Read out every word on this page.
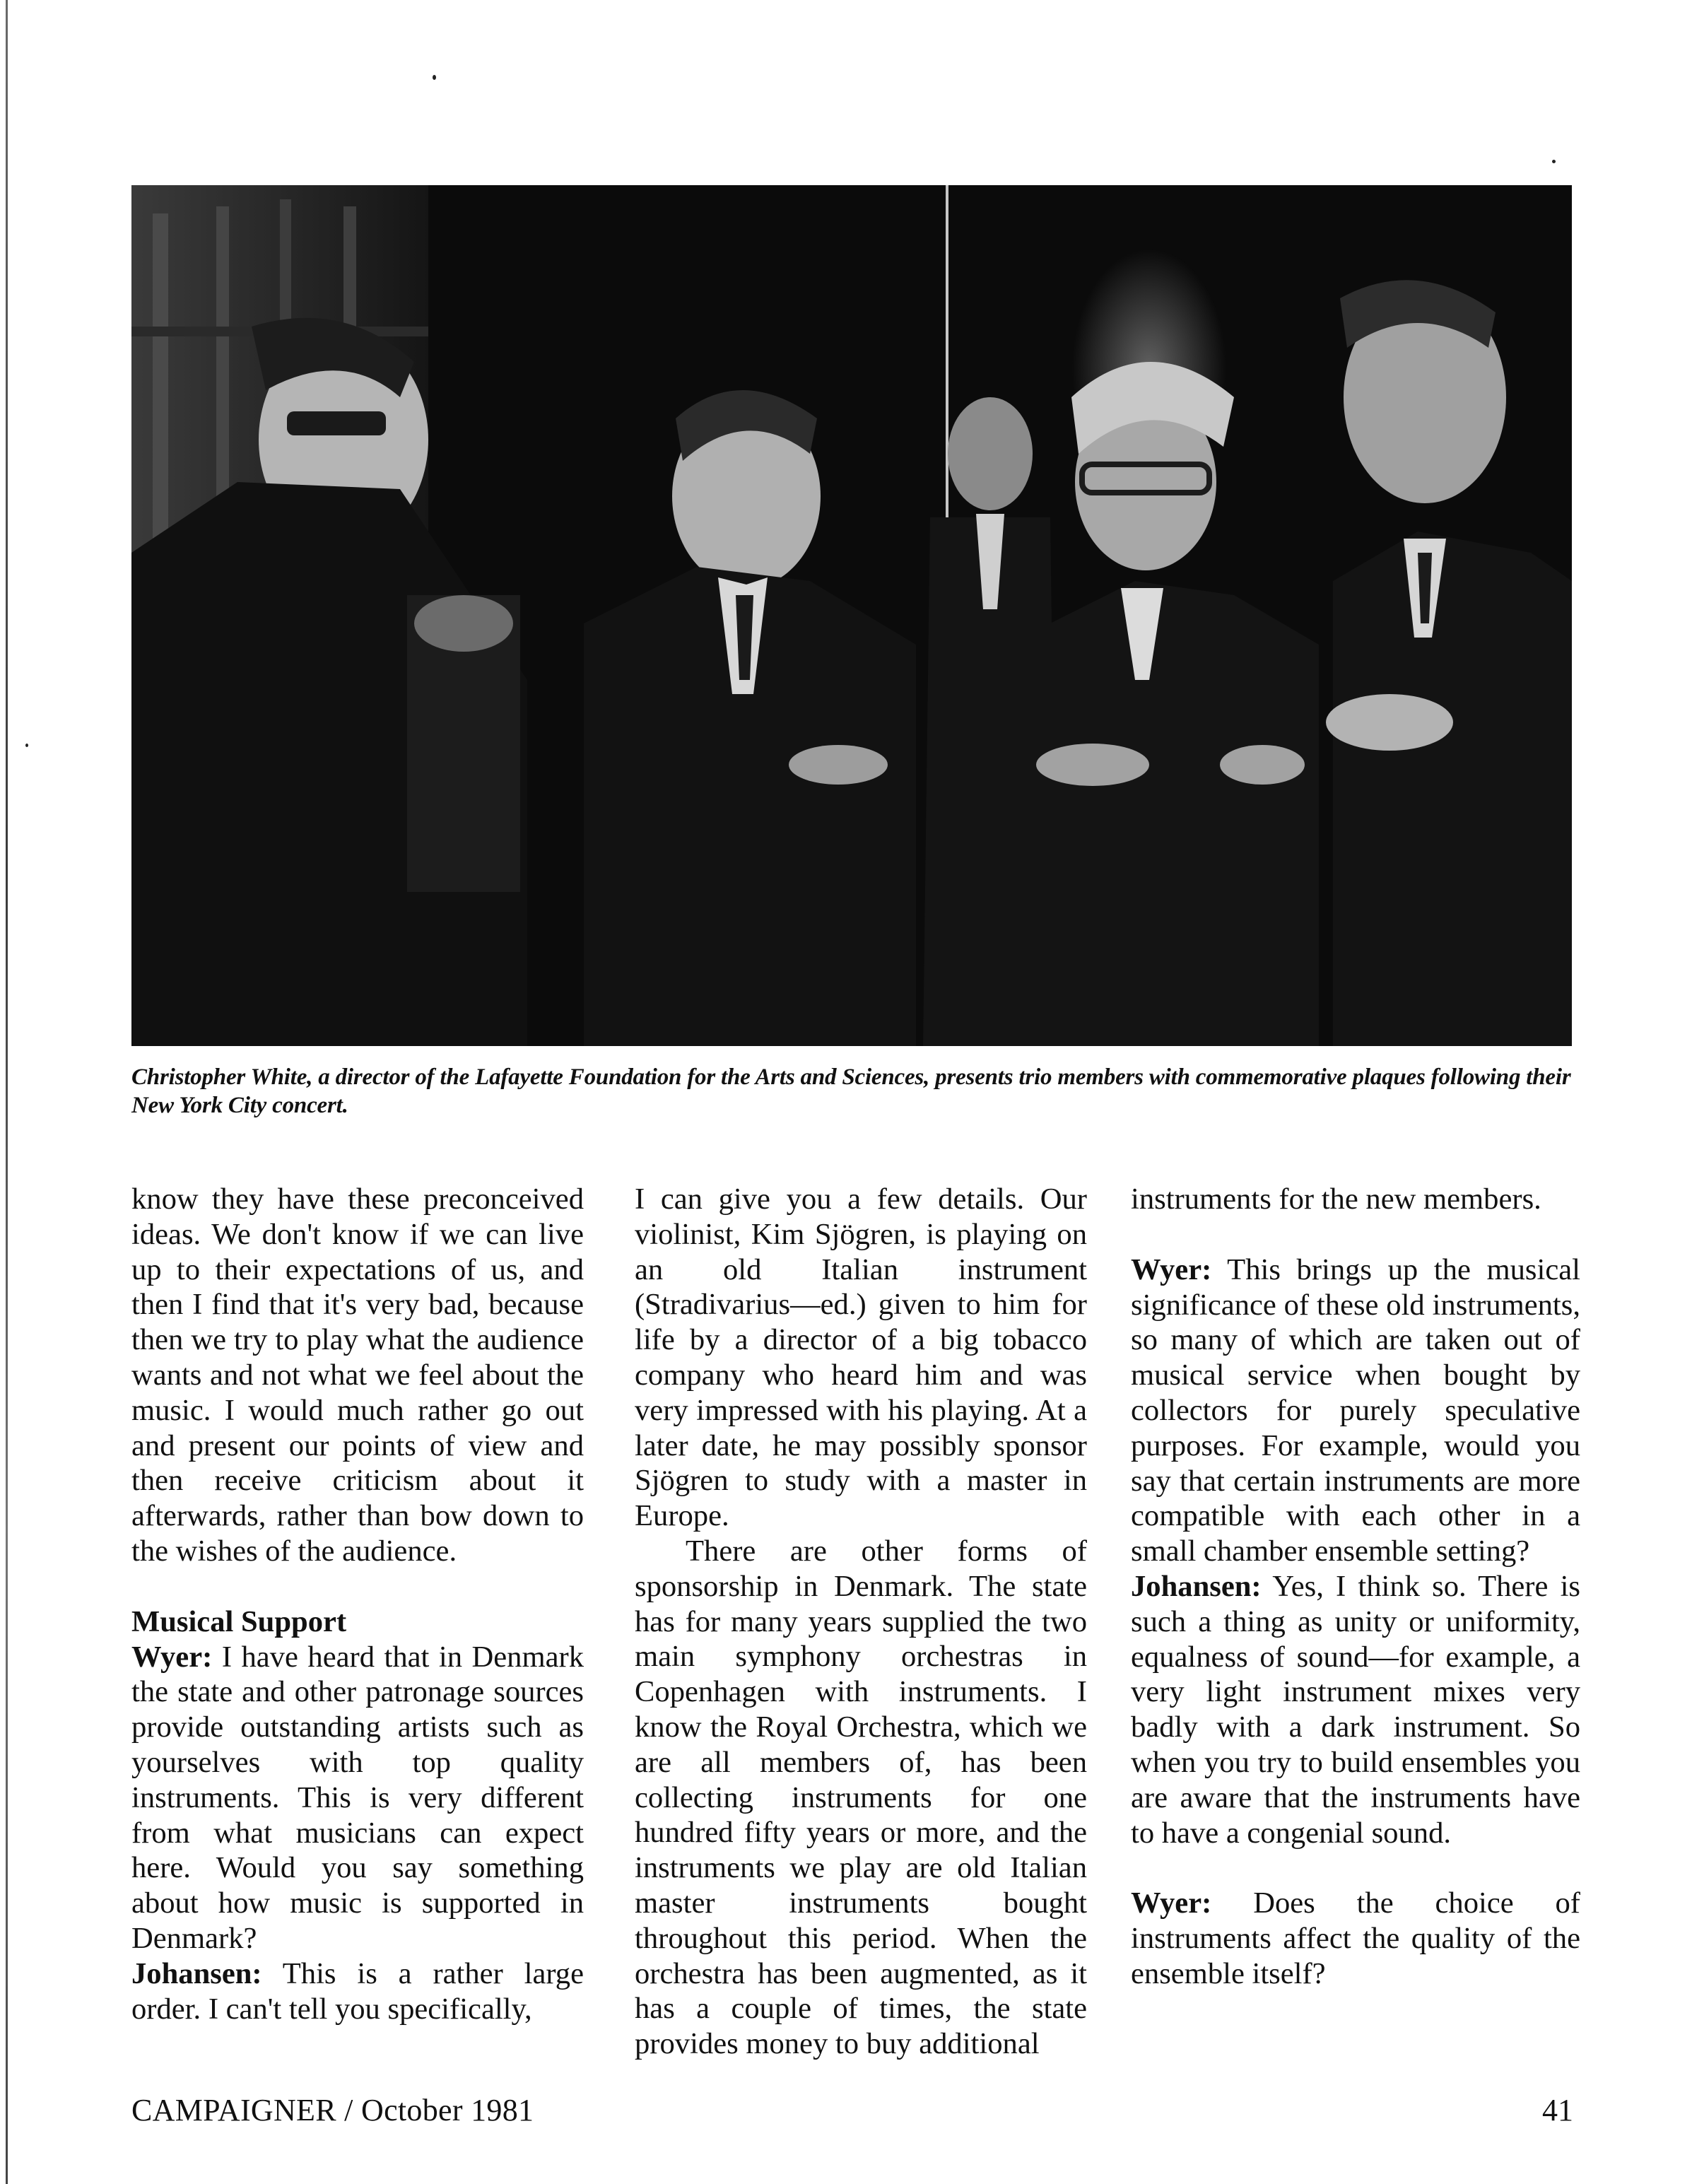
Christopher White, a director of the Lafayette Foundation for the Arts and Sciences, presents trio members with commemorative plaques following their New York City concert.

know they have these preconceived ideas. We don't know if we can live up to their expectations of us, and then I find that it's very bad, because then we try to play what the audience wants and not what we feel about the music. I would much rather go out and present our points of view and then receive criticism about it afterwards, rather than bow down to the wishes of the audience.

Musical Support

Wyer: I have heard that in Denmark the state and other patronage sources provide outstanding artists such as yourselves with top quality instruments. This is very different from what musicians can expect here. Would you say something about how music is supported in Denmark?

Johansen: This is a rather large order. I can't tell you specifically,

I can give you a few details. Our violinist, Kim Sjögren, is playing on an old Italian instrument (Stradivarius—ed.) given to him for life by a director of a big tobacco company who heard him and was very impressed with his playing. At a later date, he may possibly sponsor Sjögren to study with a master in Europe.

There are other forms of sponsorship in Denmark. The state has for many years supplied the two main symphony orchestras in Copenhagen with instruments. I know the Royal Orchestra, which we are all members of, has been collecting instruments for one hundred fifty years or more, and the instruments we play are old Italian master instruments bought throughout this period. When the orchestra has been augmented, as it has a couple of times, the state provides money to buy additional

instruments for the new members.

Wyer: This brings up the musical significance of these old instruments, so many of which are taken out of musical service when bought by collectors for purely speculative purposes. For example, would you say that certain instruments are more compatible with each other in a small chamber ensemble setting?

Johansen: Yes, I think so. There is such a thing as unity or uniformity, equalness of sound—for example, a very light instrument mixes very badly with a dark instrument. So when you try to build ensembles you are aware that the instruments have to have a congenial sound.

Wyer: Does the choice of instruments affect the quality of the ensemble itself?

CAMPAIGNER / October 1981	41
